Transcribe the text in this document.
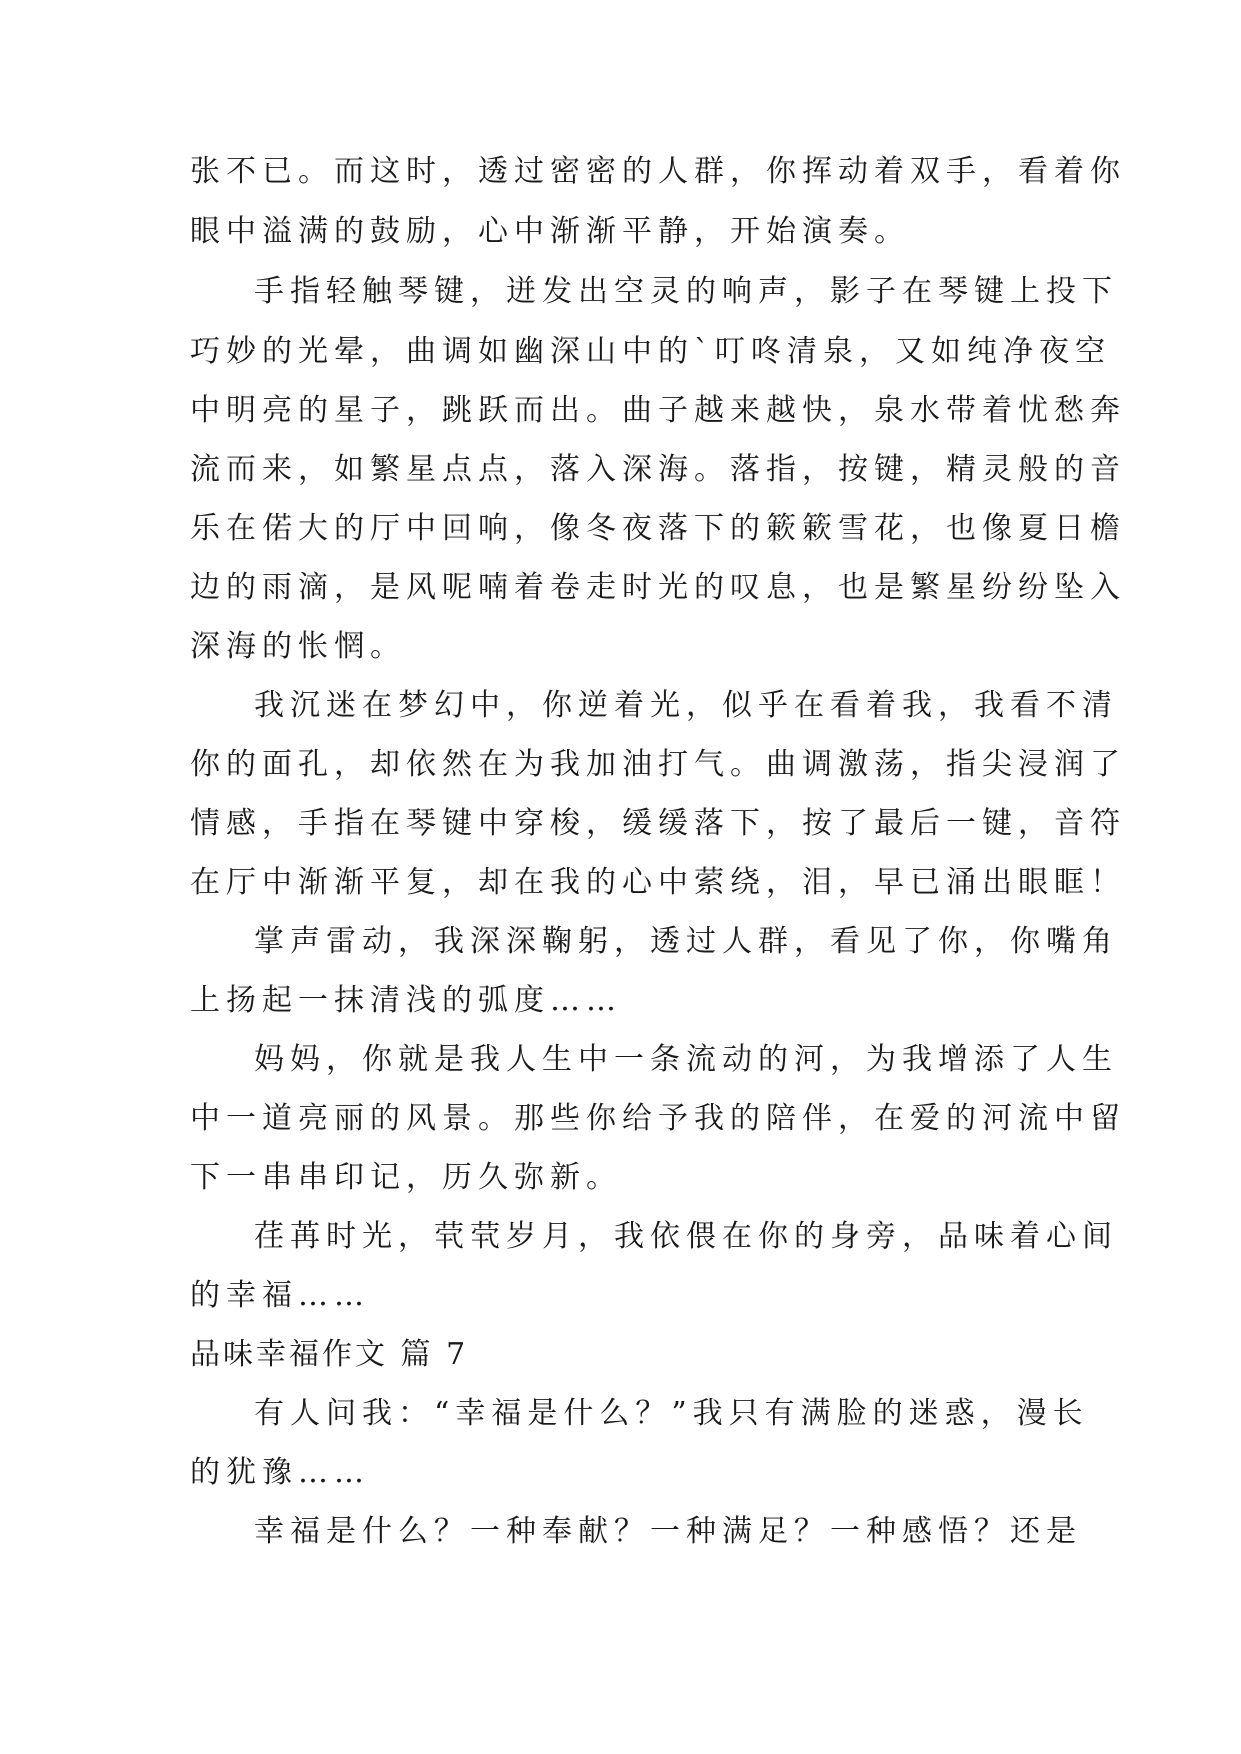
张不已。而这时，透过密密的人群，你挥动着双手，看着你
眼中溢满的鼓励，心中渐渐平静，开始演奏。
手指轻触琴键，迸发出空灵的响声，影子在琴键上投下
巧妙的光晕，曲调如幽深山中的`叮咚清泉，又如纯净夜空
中明亮的星子，跳跃而出。曲子越来越快，泉水带着忧愁奔
流而来，如繁星点点，落入深海。落指，按键，精灵般的音
乐在偌大的厅中回响，像冬夜落下的簌簌雪花，也像夏日檐
边的雨滴，是风呢喃着卷走时光的叹息，也是繁星纷纷坠入
深海的怅惘。
我沉迷在梦幻中，你逆着光，似乎在看着我，我看不清
你的面孔，却依然在为我加油打气。曲调激荡，指尖浸润了
情感，手指在琴键中穿梭，缓缓落下，按了最后一键，音符
在厅中渐渐平复，却在我的心中萦绕，泪，早已涌出眼眶！
掌声雷动，我深深鞠躬，透过人群，看见了你，你嘴角
上扬起一抹清浅的弧度……
妈妈，你就是我人生中一条流动的河，为我增添了人生
中一道亮丽的风景。那些你给予我的陪伴，在爱的河流中留
下一串串印记，历久弥新。
荏苒时光，茕茕岁月，我依偎在你的身旁，品味着心间
的幸福……
品味幸福作文 篇 7
有人问我：“幸福是什么？”我只有满脸的迷惑，漫长
的犹豫……
幸福是什么？一种奉献？一种满足？一种感悟？还是
